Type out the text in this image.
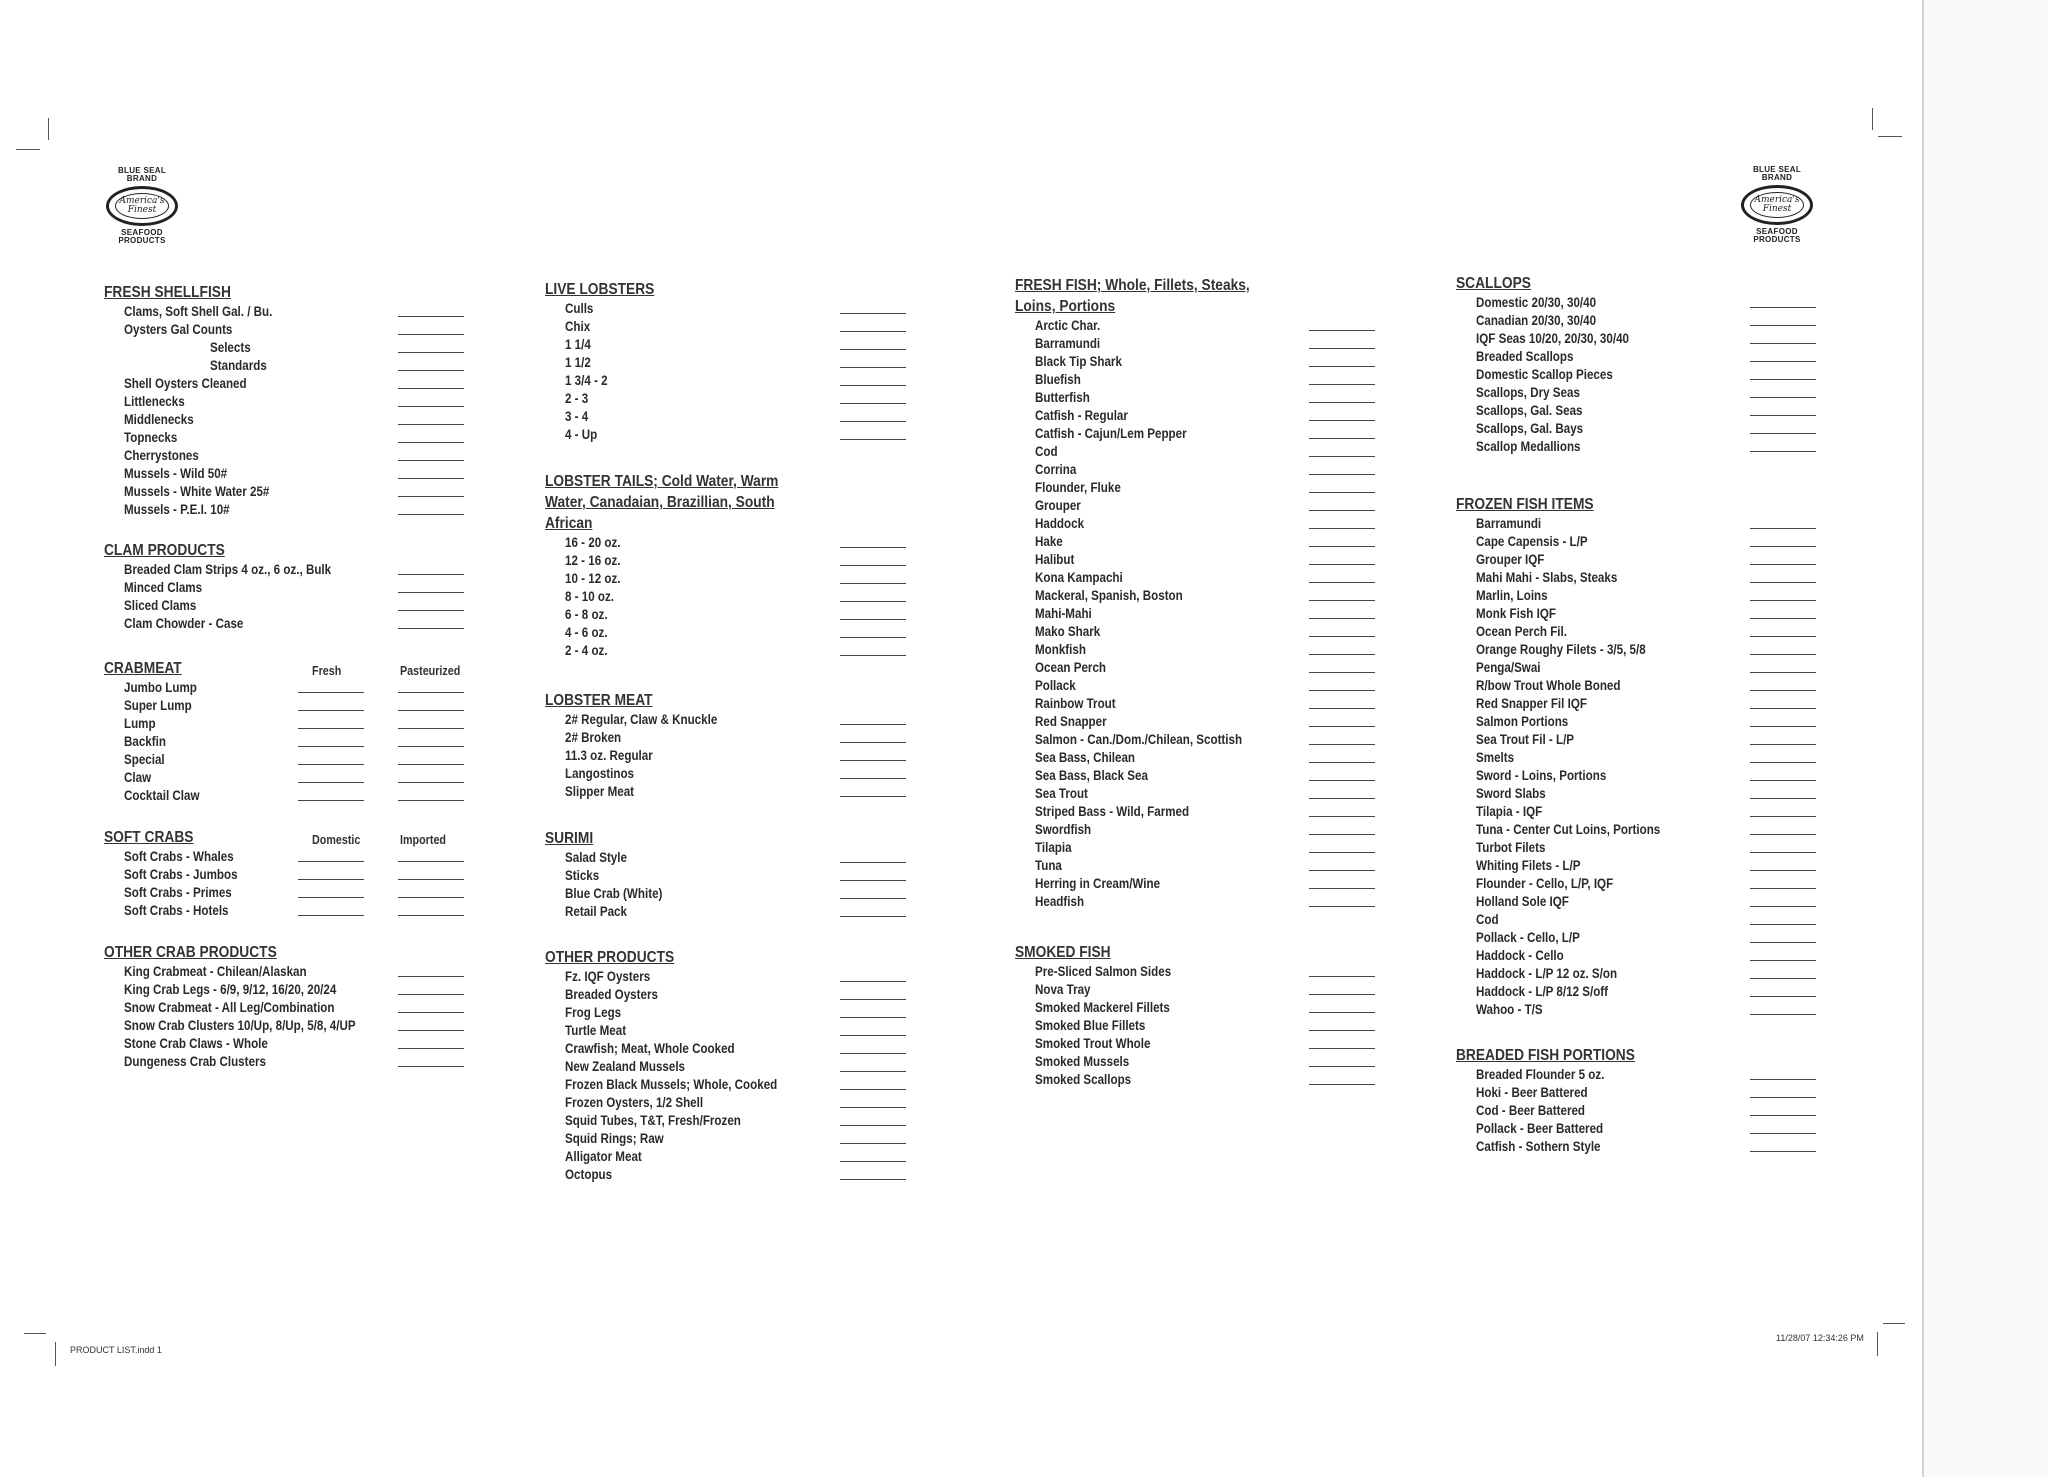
BLUE SEAL
BRAND
America's
Finest
SEAFOOD
PRODUCTS
BLUE SEAL
BRAND
America's
Finest
SEAFOOD
PRODUCTS
FRESH SHELLFISH
Clams, Soft Shell Gal. / Bu.
Oysters Gal Counts
Selects
Standards
Shell Oysters Cleaned
Littlenecks
Middlenecks
Topnecks
Cherrystones
Mussels - Wild 50#
Mussels - White Water 25#
Mussels - P.E.I. 10#
CLAM PRODUCTS
Breaded Clam Strips 4 oz., 6 oz., Bulk
Minced Clams
Sliced Clams
Clam Chowder - Case
CRABMEAT	Fresh	Pasteurized
Jumbo Lump
Super Lump
Lump
Backfin
Special
Claw
Cocktail Claw
SOFT CRABS	Domestic	Imported
Soft Crabs - Whales
Soft Crabs - Jumbos
Soft Crabs - Primes
Soft Crabs - Hotels
OTHER CRAB PRODUCTS
King Crabmeat - Chilean/Alaskan
King Crab Legs - 6/9, 9/12, 16/20, 20/24
Snow Crabmeat - All Leg/Combination
Snow Crab Clusters 10/Up, 8/Up, 5/8, 4/UP
Stone Crab Claws - Whole
Dungeness Crab Clusters
LIVE LOBSTERS
Culls
Chix
1 1/4
1 1/2
1 3/4 - 2
2 - 3
3 - 4
4 - Up
LOBSTER TAILS; Cold Water, Warm
Water, Canadaian, Brazillian, South
African
16 - 20 oz.
12 - 16 oz.
10 - 12 oz.
8 - 10 oz.
6 - 8 oz.
4 - 6 oz.
2 - 4 oz.
LOBSTER MEAT
2# Regular, Claw & Knuckle
2# Broken
11.3 oz. Regular
Langostinos
Slipper Meat
SURIMI
Salad Style
Sticks
Blue Crab (White)
Retail Pack
OTHER PRODUCTS
Fz. IQF Oysters
Breaded Oysters
Frog Legs
Turtle Meat
Crawfish; Meat, Whole Cooked
New Zealand Mussels
Frozen Black Mussels; Whole, Cooked
Frozen Oysters, 1/2 Shell
Squid Tubes, T&T, Fresh/Frozen
Squid Rings; Raw
Alligator Meat
Octopus
FRESH FISH; Whole, Fillets, Steaks,
Loins, Portions
Arctic Char.
Barramundi
Black Tip Shark
Bluefish
Butterfish
Catfish - Regular
Catfish - Cajun/Lem Pepper
Cod
Corrina
Flounder, Fluke
Grouper
Haddock
Hake
Halibut
Kona Kampachi
Mackeral, Spanish, Boston
Mahi-Mahi
Mako Shark
Monkfish
Ocean Perch
Pollack
Rainbow Trout
Red Snapper
Salmon - Can./Dom./Chilean, Scottish
Sea Bass, Chilean
Sea Bass, Black Sea
Sea Trout
Striped Bass - Wild, Farmed
Swordfish
Tilapia
Tuna
Herring in Cream/Wine
Headfish
SMOKED FISH
Pre-Sliced Salmon Sides
Nova Tray
Smoked Mackerel Fillets
Smoked Blue Fillets
Smoked Trout Whole
Smoked Mussels
Smoked Scallops
SCALLOPS
Domestic 20/30, 30/40
Canadian 20/30, 30/40
IQF Seas 10/20, 20/30, 30/40
Breaded Scallops
Domestic Scallop Pieces
Scallops, Dry Seas
Scallops, Gal. Seas
Scallops, Gal. Bays
Scallop Medallions
FROZEN FISH ITEMS
Barramundi
Cape Capensis - L/P
Grouper IQF
Mahi Mahi - Slabs, Steaks
Marlin, Loins
Monk Fish IQF
Ocean Perch Fil.
Orange Roughy Filets - 3/5, 5/8
Penga/Swai
R/bow Trout Whole Boned
Red Snapper Fil IQF
Salmon Portions
Sea Trout Fil - L/P
Smelts
Sword - Loins, Portions
Sword Slabs
Tilapia - IQF
Tuna - Center Cut Loins, Portions
Turbot Filets
Whiting Filets - L/P
Flounder - Cello, L/P, IQF
Holland Sole IQF
Cod
Pollack - Cello, L/P
Haddock - Cello
Haddock - L/P 12 oz. S/on
Haddock - L/P 8/12 S/off
Wahoo - T/S
BREADED FISH PORTIONS
Breaded Flounder 5 oz.
Hoki - Beer Battered
Cod - Beer Battered
Pollack - Beer Battered
Catfish - Sothern Style
PRODUCT LIST.indd 1
11/28/07 12:34:26 PM
